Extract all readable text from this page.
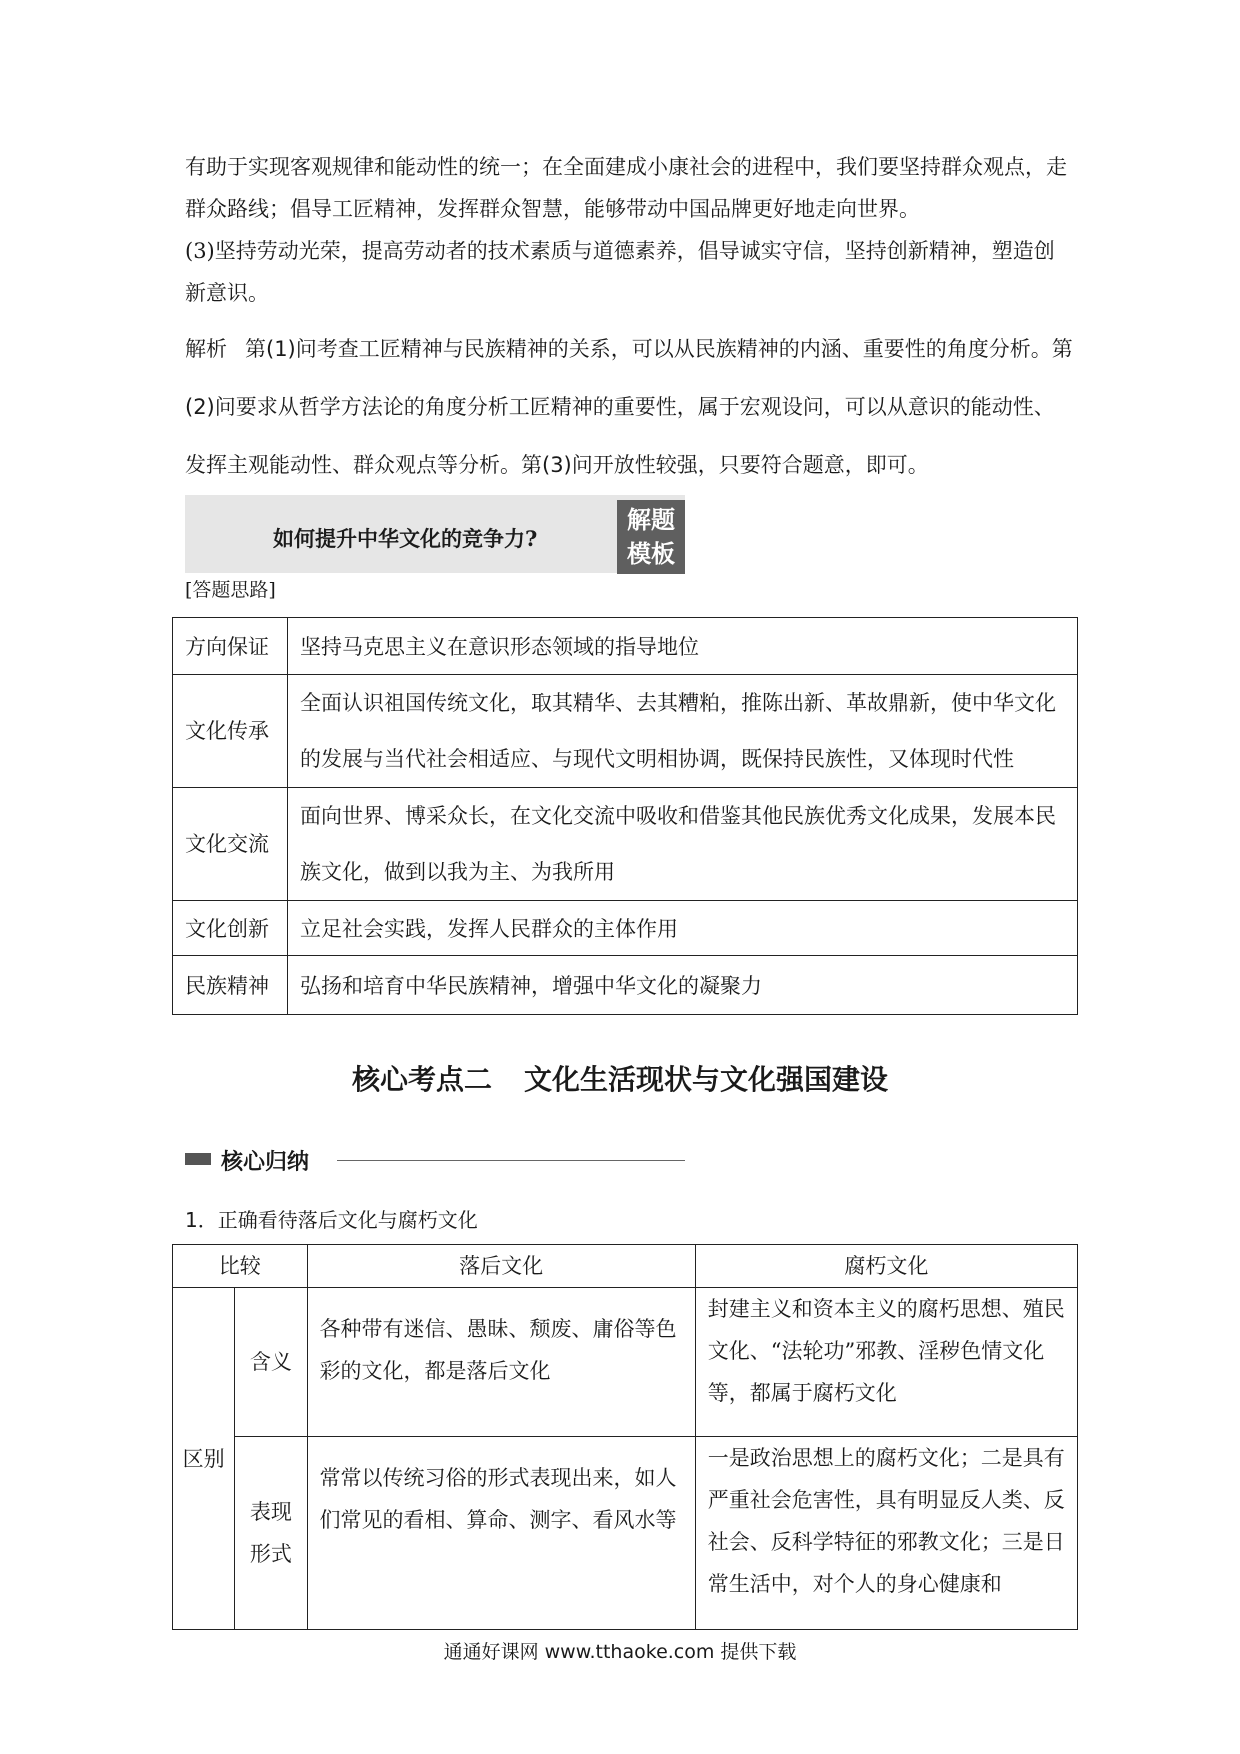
有助于实现客观规律和能动性的统一；在全面建成小康社会的进程中，我们要坚持群众观点，走群众路线；倡导工匠精神，发挥群众智慧，能够带动中国品牌更好地走向世界。

(3)坚持劳动光荣，提高劳动者的技术素质与道德素养，倡导诚实守信，坚持创新精神，塑造创新意识。

解析 第(1)问考查工匠精神与民族精神的关系，可以从民族精神的内涵、重要性的角度分析。第(2)问要求从哲学方法论的角度分析工匠精神的重要性，属于宏观设问，可以从意识的能动性、发挥主观能动性、群众观点等分析。第(3)问开放性较强，只要符合题意，即可。

如何提升中华文化的竞争力?
解题
模板
[答题思路]
方向保证	坚持马克思主义在意识形态领域的指导地位
文化传承	全面认识祖国传统文化，取其精华、去其糟粕，推陈出新、革故鼎新，使中华文化的发展与当代社会相适应、与现代文明相协调，既保持民族性，又体现时代性
文化交流	面向世界、博采众长，在文化交流中吸收和借鉴其他民族优秀文化成果，发展本民族文化，做到以我为主、为我所用
文化创新	立足社会实践，发挥人民群众的主体作用
民族精神	弘扬和培育中华民族精神，增强中华文化的凝聚力
核心考点二 文化生活现状与文化强国建设
核心归纳
1．正确看待落后文化与腐朽文化
比较		落后文化	腐朽文化
区别	含义	各种带有迷信、愚昧、颓废、庸俗等色彩的文化，都是落后文化	封建主义和资本主义的腐朽思想、殖民文化、“法轮功”邪教、淫秽色情文化等，都属于腐朽文化
	表现形式	常常以传统习俗的形式表现出来，如人们常见的看相、算命、测字、看风水等	一是政治思想上的腐朽文化；二是具有严重社会危害性，具有明显反人类、反社会、反科学特征的邪教文化；三是日常生活中，对个人的身心健康和
通通好课网 www.tthaoke.com 提供下载
